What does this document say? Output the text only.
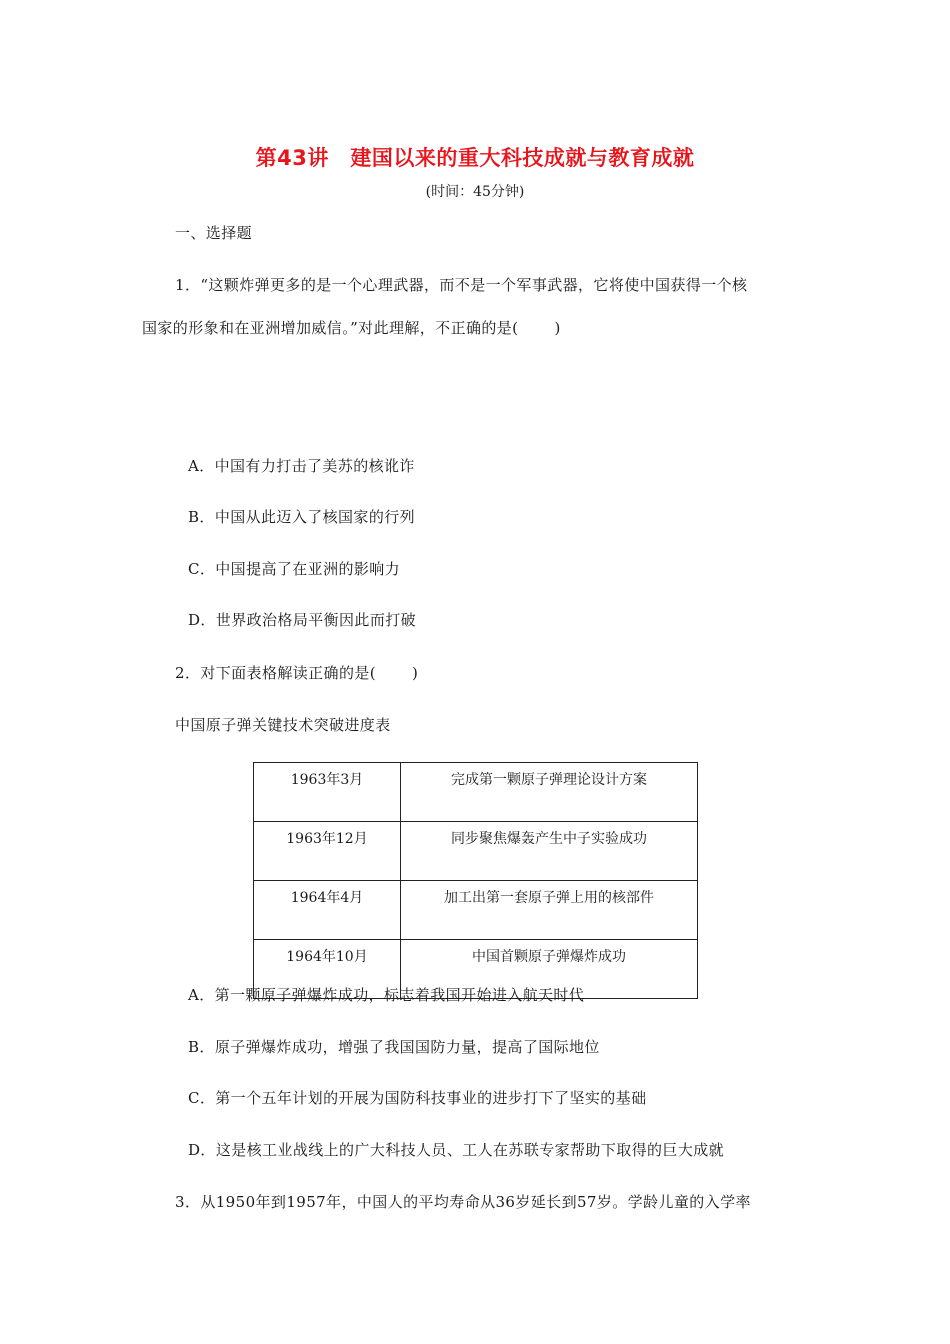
第43讲　建国以来的重大科技成就与教育成就
(时间：45分钟)
一、选择题
1．“这颗炸弹更多的是一个心理武器，而不是一个军事武器，它将使中国获得一个核
国家的形象和在亚洲增加威信。”对此理解，不正确的是( )
A．中国有力打击了美苏的核讹诈
B．中国从此迈入了核国家的行列
C．中国提高了在亚洲的影响力
D．世界政治格局平衡因此而打破
2．对下面表格解读正确的是( )
中国原子弹关键技术突破进度表
1963年3月	完成第一颗原子弹理论设计方案
1963年12月	同步聚焦爆轰产生中子实验成功
1964年4月	加工出第一套原子弹上用的核部件
1964年10月	中国首颗原子弹爆炸成功
A．第一颗原子弹爆炸成功，标志着我国开始进入航天时代
B．原子弹爆炸成功，增强了我国国防力量，提高了国际地位
C．第一个五年计划的开展为国防科技事业的进步打下了坚实的基础
D．这是核工业战线上的广大科技人员、工人在苏联专家帮助下取得的巨大成就
3．从1950年到1957年，中国人的平均寿命从36岁延长到57岁。学龄儿童的入学率
